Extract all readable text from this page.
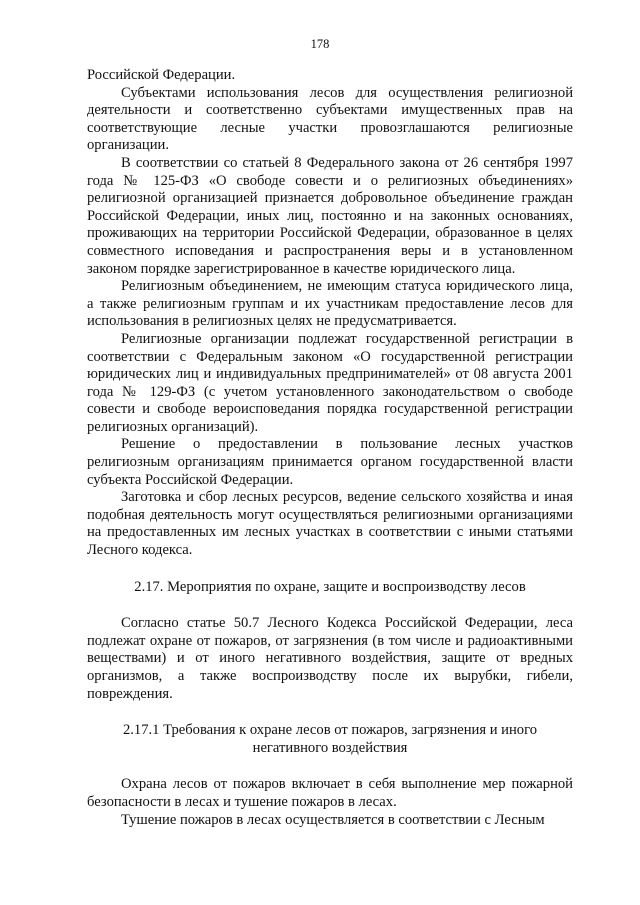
178

Российской Федерации.

Субъектами использования лесов для осуществления религиозной деятельности и соответственно субъектами имущественных прав на соответствующие лесные участки провозглашаются религиозные организации.

В соответствии со статьей 8 Федерального закона от 26 сентября 1997 года № 125-ФЗ «О свободе совести и о религиозных объединениях» религиозной организацией признается добровольное объединение граждан Российской Федерации, иных лиц, постоянно и на законных основаниях, проживающих на территории Российской Федерации, образованное в целях совместного исповедания и распространения веры и в установленном законом порядке зарегистрированное в качестве юридического лица.

Религиозным объединением, не имеющим статуса юридического лица, а также религиозным группам и их участникам предоставление лесов для использования в религиозных целях не предусматривается.

Религиозные организации подлежат государственной регистрации в соответствии с Федеральным законом «О государственной регистрации юридических лиц и индивидуальных предпринимателей» от 08 августа 2001 года № 129-ФЗ (с учетом установленного законодательством о свободе совести и свободе вероисповедания порядка государственной регистрации религиозных организаций).

Решение о предоставлении в пользование лесных участков религиозным организациям принимается органом государственной власти субъекта Российской Федерации.

Заготовка и сбор лесных ресурсов, ведение сельского хозяйства и иная подобная деятельность могут осуществляться религиозными организациями на предоставленных им лесных участках в соответствии с иными статьями Лесного кодекса.

2.17. Мероприятия по охране, защите и воспроизводству лесов

Согласно статье 50.7 Лесного Кодекса Российской Федерации, леса подлежат охране от пожаров, от загрязнения (в том числе и радиоактивными веществами) и от иного негативного воздействия, защите от вредных организмов, а также воспроизводству после их вырубки, гибели, повреждения.

2.17.1 Требования к охране лесов от пожаров, загрязнения и иного
негативного воздействия

Охрана лесов от пожаров включает в себя выполнение мер пожарной безопасности в лесах и тушение пожаров в лесах.

Тушение пожаров в лесах осуществляется в соответствии с Лесным
